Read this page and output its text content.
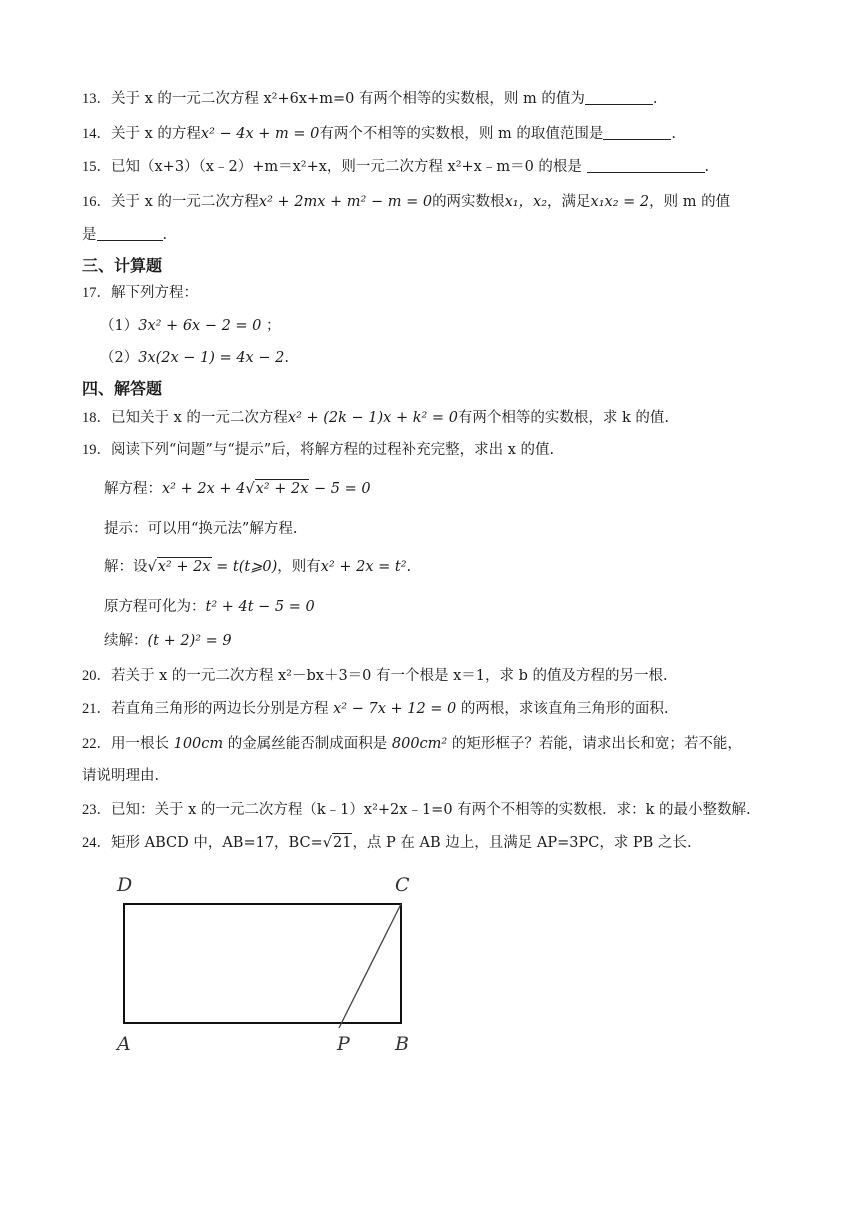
13．关于 x 的一元二次方程 x²+6x+m=0 有两个相等的实数根，则 m 的值为	.
14．关于 x 的方程x² − 4x + m = 0有两个不相等的实数根，则 m 的取值范围是	.
15．已知（x+3）（x﹣2）+m＝x²+x，则一元二次方程 x²+x﹣m＝0 的根是	.
16．关于 x 的一元二次方程x² + 2mx + m² − m = 0的两实数根x₁，x₂，满足x₁x₂ = 2，则 m 的值
是	.
三、计算题
17．解下列方程：
（1）3x² + 6x − 2 = 0 ；
（2）3x(2x − 1) = 4x − 2.
四、解答题
18．已知关于 x 的一元二次方程x² + (2k − 1)x + k² = 0有两个相等的实数根，求 k 的值.
19．阅读下列“问题”与“提示”后，将解方程的过程补充完整，求出 x 的值.
解方程：x² + 2x + 4√x² + 2x − 5 = 0
提示：可以用“换元法”解方程.
解：设√x² + 2x = t(t⩾0)，则有x² + 2x = t².
原方程可化为：t² + 4t − 5 = 0
续解：(t + 2)² = 9
20．若关于 x 的一元二次方程 x²－bx＋3＝0 有一个根是 x＝1，求 b 的值及方程的另一根.
21．若直角三角形的两边长分别是方程 x² − 7x + 12 = 0 的两根，求该直角三角形的面积.
22．用一根长 100cm 的金属丝能否制成面积是 800cm² 的矩形框子？若能，请求出长和宽；若不能，
请说明理由.
23．已知：关于 x 的一元二次方程（k﹣1）x²+2x﹣1=0 有两个不相等的实数根．求：k 的最小整数解.
24．矩形 ABCD 中，AB=17，BC=√21，点 P 在 AB 边上，且满足 AP=3PC，求 PB 之长.
D	C
A	P B
